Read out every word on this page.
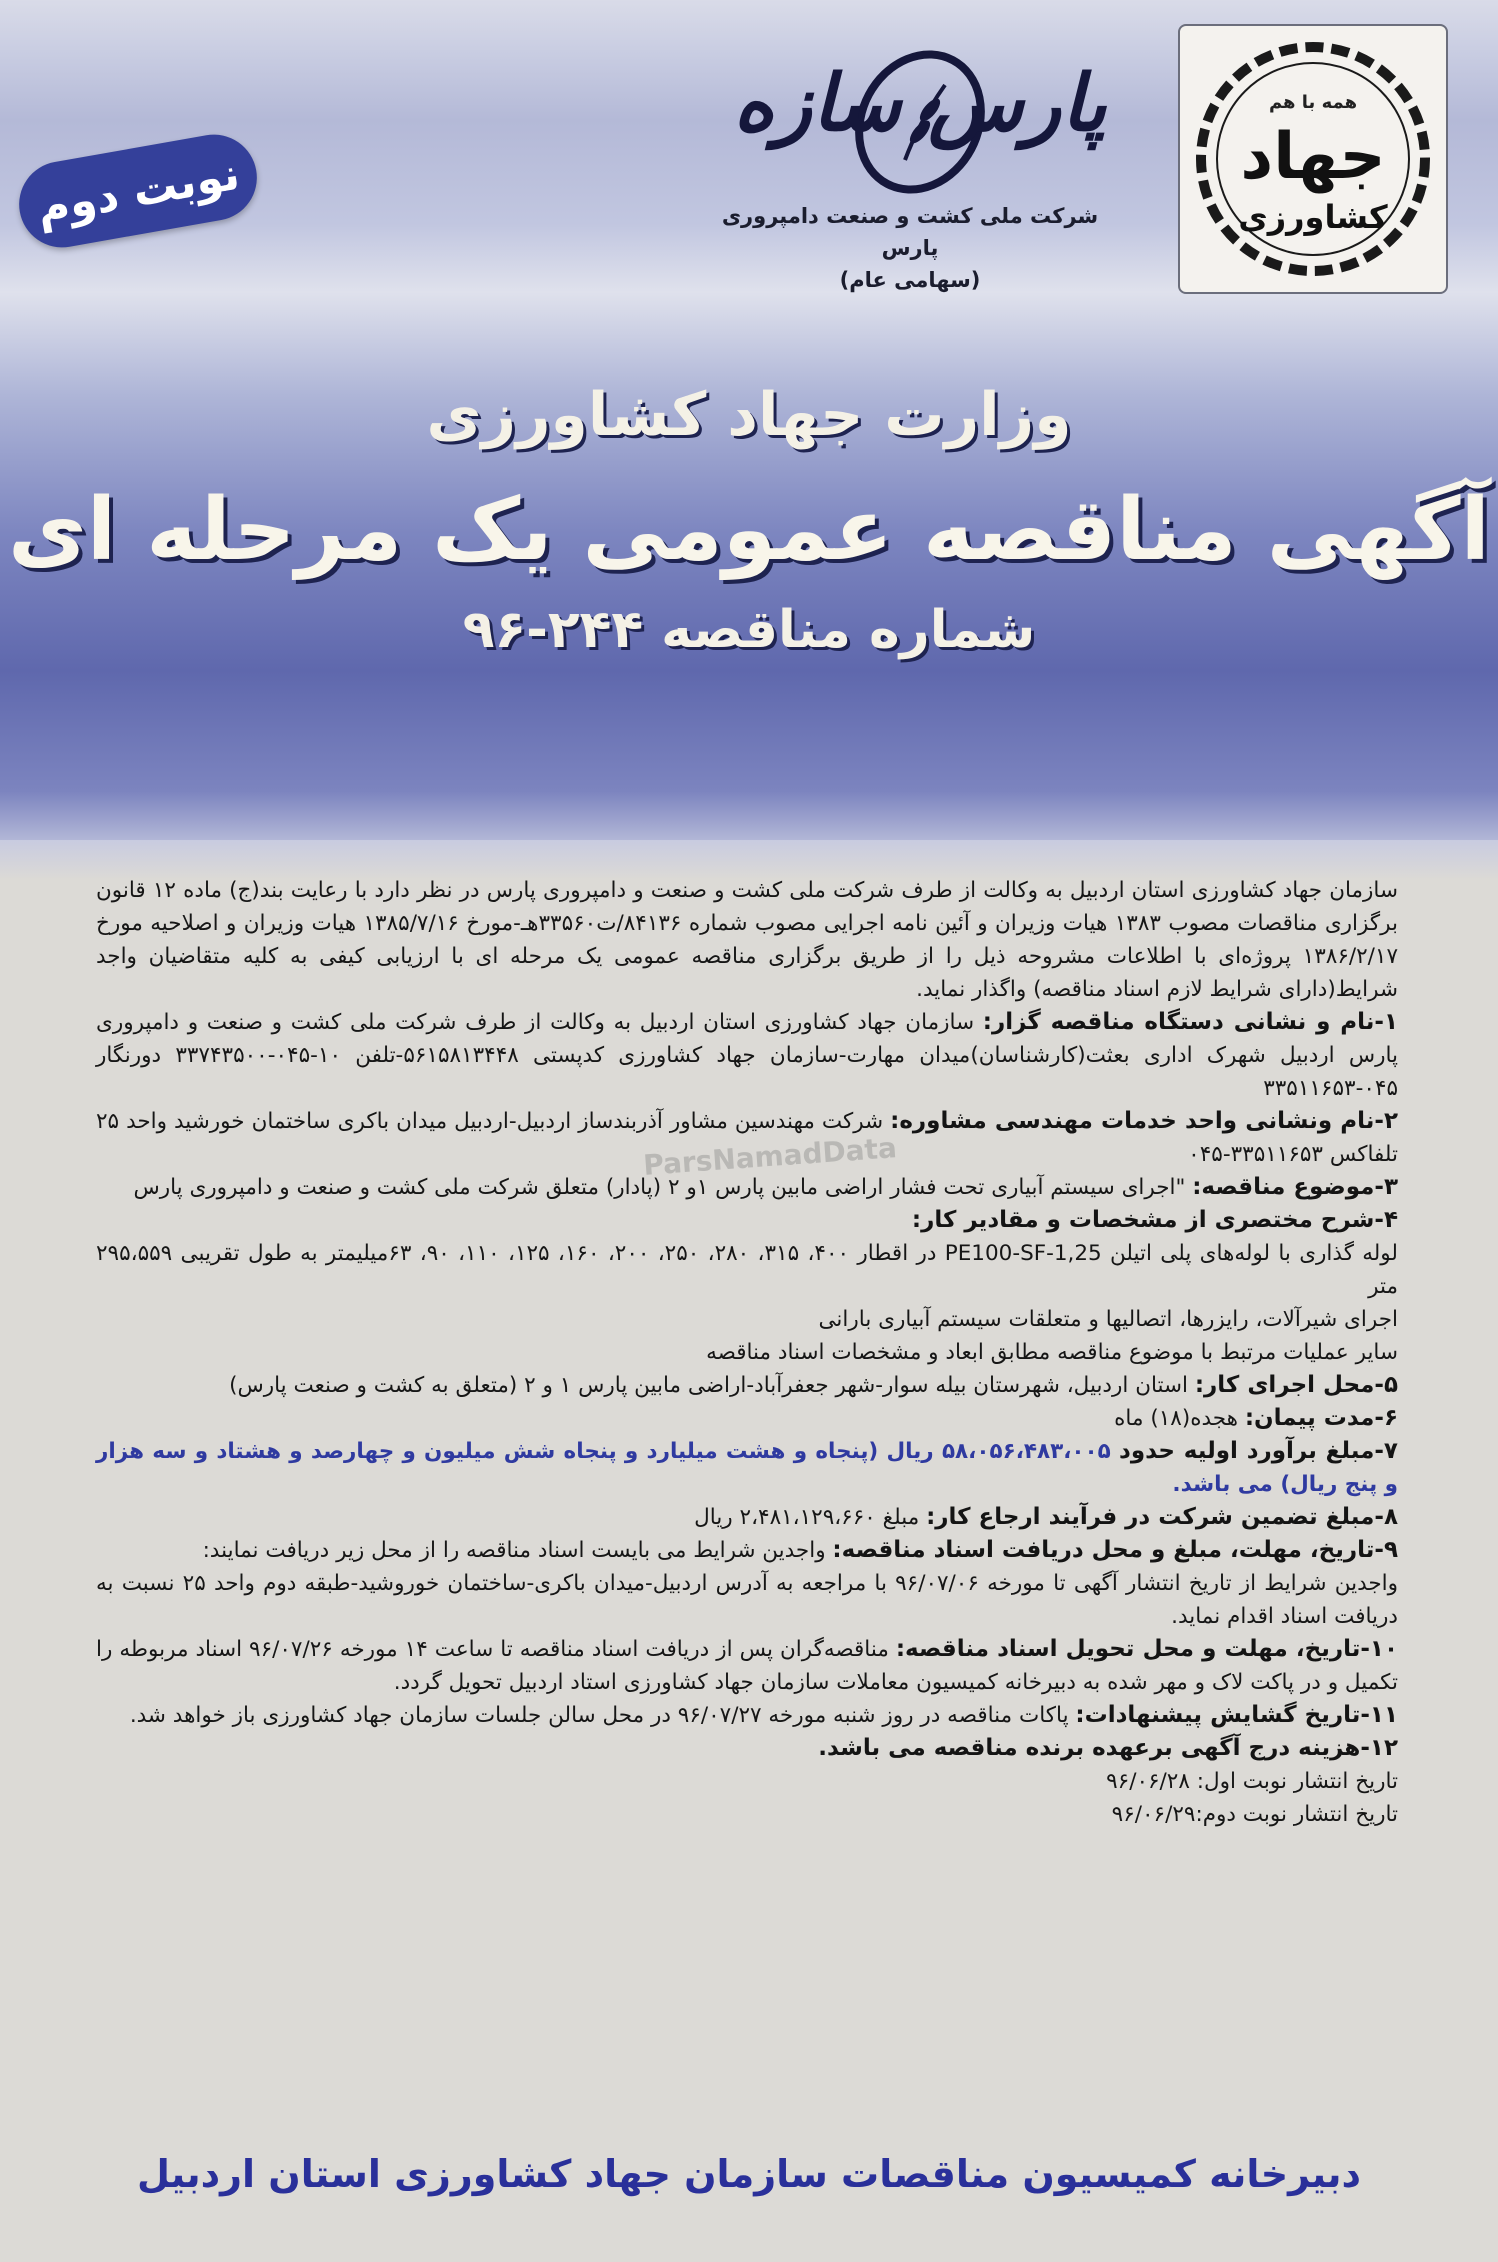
نوبت دوم
همه با هم
جهاد
کشاورزی
پارس سازه
شرکت ملی کشت و صنعت دامپروری پارس
(سهامی عام)
وزارت جهاد کشاورزی
آگهی مناقصه عمومی یک مرحله ای
شماره مناقصه ۲۴۴-۹۶
ParsNamadData

سازمان جهاد کشاورزی استان اردبیل به وکالت از طرف شرکت ملی کشت و صنعت و دامپروری پارس در نظر دارد با رعایت بند(ج) ماده ۱۲ قانون برگزاری مناقصات مصوب ۱۳۸۳ هیات وزیران و آئین نامه اجرایی مصوب شماره ۸۴۱۳۶/ت۳۳۵۶۰هـ-مورخ ۱۳۸۵/۷/۱۶ هیات وزیران و اصلاحیه مورخ ۱۳۸۶/۲/۱۷ پروژه‌ای با اطلاعات مشروحه ذیل را از طریق برگزاری مناقصه عمومی یک مرحله ای با ارزیابی کیفی به کلیه متقاضیان واجد شرایط(دارای شرایط لازم اسناد مناقصه) واگذار نماید.

۱-نام و نشانی دستگاه مناقصه گزار: سازمان جهاد کشاورزی استان اردبیل به وکالت از طرف شرکت ملی کشت و صنعت و دامپروری پارس اردبیل شهرک اداری بعثت(کارشناسان)میدان مهارت-سازمان جهاد کشاورزی کدپستی ۵۶۱۵۸۱۳۴۴۸-تلفن ۱۰-۰۴۵-۳۳۷۴۳۵۰۰ دورنگار ۰۴۵-۳۳۵۱۱۶۵۳

۲-نام ونشانی واحد خدمات مهندسی مشاوره: شرکت مهندسین مشاور آذربندساز اردبیل-اردبیل میدان باکری ساختمان خورشید واحد ۲۵ تلفاکس ۳۳۵۱۱۶۵۳-۰۴۵

۳-موضوع مناقصه: "اجرای سیستم آبیاری تحت فشار اراضی مابین پارس ۱و ۲ (پادار) متعلق شرکت ملی کشت و صنعت و دامپروری پارس

۴-شرح مختصری از مشخصات و مقادیر کار:

لوله گذاری با لوله‌های پلی اتیلن PE100-SF-1,25 در اقطار ۴۰۰، ۳۱۵، ۲۸۰، ۲۵۰، ۲۰۰، ۱۶۰، ۱۲۵، ۱۱۰، ۹۰، ۶۳میلیمتر به طول تقریبی ۲۹۵،۵۵۹ متر

اجرای شیرآلات، رایزرها، اتصالیها و متعلقات سیستم آبیاری بارانی

سایر عملیات مرتبط با موضوع مناقصه مطابق ابعاد و مشخصات اسناد مناقصه

۵-محل اجرای کار: استان اردبیل، شهرستان بیله سوار-شهر جعفرآباد-اراضی مابین پارس ۱ و ۲ (متعلق به کشت و صنعت پارس)

۶-مدت پیمان: هجده(۱۸) ماه

۷-مبلغ برآورد اولیه حدود ۵۸،۰۵۶،۴۸۳،۰۰۵ ریال (پنجاه و هشت میلیارد و پنجاه شش میلیون و چهارصد و هشتاد و سه هزار و پنج ریال) می باشد.

۸-مبلغ تضمین شرکت در فرآیند ارجاع کار: مبلغ ۲،۴۸۱،۱۲۹،۶۶۰ ریال

۹-تاریخ، مهلت، مبلغ و محل دریافت اسناد مناقصه: واجدین شرایط می بایست اسناد مناقصه را از محل زیر دریافت نمایند:

واجدین شرایط از تاریخ انتشار آگهی تا مورخه ۹۶/۰۷/۰۶ با مراجعه به آدرس اردبیل-میدان باکری-ساختمان خوروشید-طبقه دوم واحد ۲۵ نسبت به دریافت اسناد اقدام نماید.

۱۰-تاریخ، مهلت و محل تحویل اسناد مناقصه: مناقصه‌گران پس از دریافت اسناد مناقصه تا ساعت ۱۴ مورخه ۹۶/۰۷/۲۶ اسناد مربوطه را تکمیل و در پاکت لاک و مهر شده به دبیرخانه کمیسیون معاملات سازمان جهاد کشاورزی استاد اردبیل تحویل گردد.

۱۱-تاریخ گشایش پیشنهادات: پاکات مناقصه در روز شنبه مورخه ۹۶/۰۷/۲۷ در محل سالن جلسات سازمان جهاد کشاورزی باز خواهد شد.

۱۲-هزینه درج آگهی برعهده برنده مناقصه می باشد.

تاریخ انتشار نوبت اول: ۹۶/۰۶/۲۸

تاریخ انتشار نوبت دوم:۹۶/۰۶/۲۹

دبیرخانه کمیسیون مناقصات سازمان جهاد کشاورزی استان اردبیل
